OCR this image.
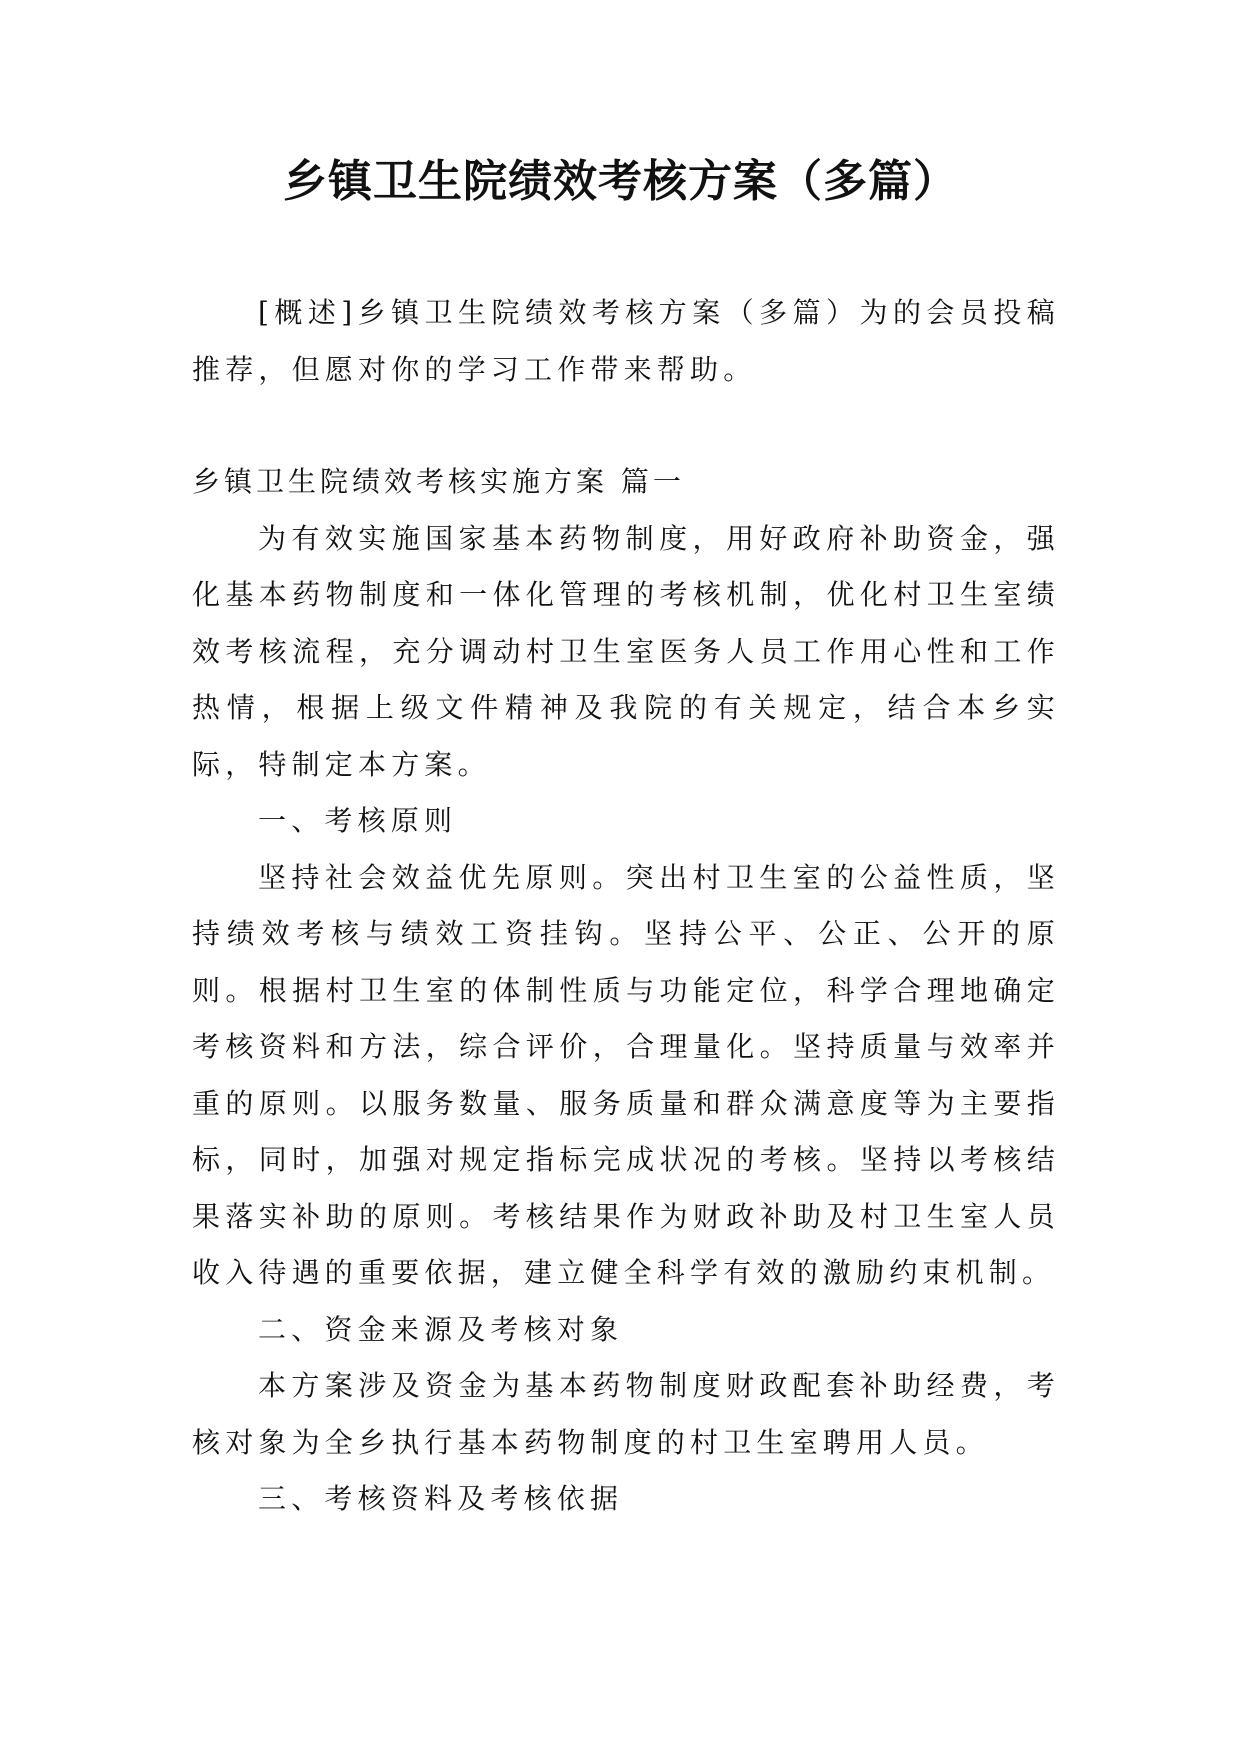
乡镇卫生院绩效考核方案（多篇）

[概述]乡镇卫生院绩效考核方案（多篇）为的会员投稿推荐，但愿对你的学习工作带来帮助。

乡镇卫生院绩效考核实施方案 篇一

为有效实施国家基本药物制度，用好政府补助资金，强化基本药物制度和一体化管理的考核机制，优化村卫生室绩效考核流程，充分调动村卫生室医务人员工作用心性和工作热情，根据上级文件精神及我院的有关规定，结合本乡实际，特制定本方案。

一、考核原则

坚持社会效益优先原则。突出村卫生室的公益性质，坚持绩效考核与绩效工资挂钩。坚持公平、公正、公开的原则。根据村卫生室的体制性质与功能定位，科学合理地确定考核资料和方法，综合评价，合理量化。坚持质量与效率并重的原则。以服务数量、服务质量和群众满意度等为主要指标，同时，加强对规定指标完成状况的考核。坚持以考核结果落实补助的原则。考核结果作为财政补助及村卫生室人员收入待遇的重要依据，建立健全科学有效的激励约束机制。

二、资金来源及考核对象

本方案涉及资金为基本药物制度财政配套补助经费，考核对象为全乡执行基本药物制度的村卫生室聘用人员。

三、考核资料及考核依据
